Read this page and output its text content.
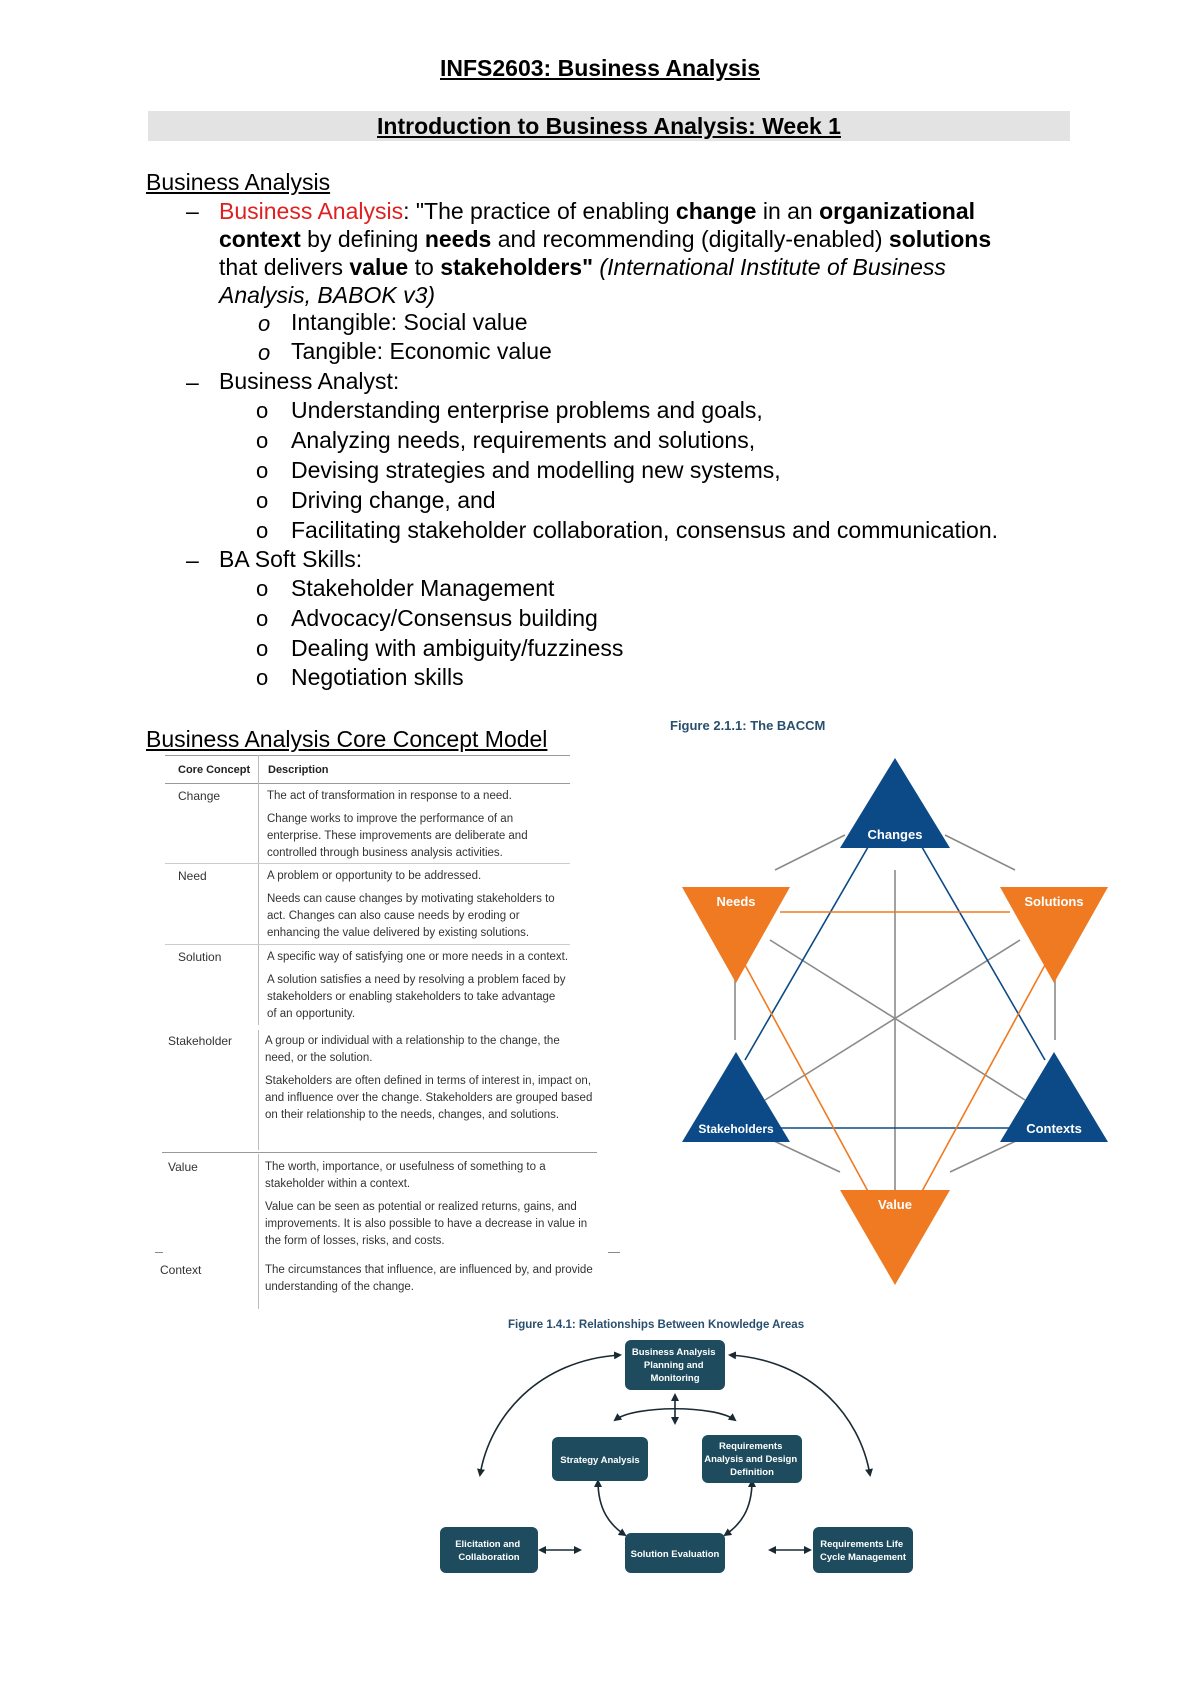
INFS2603: Business Analysis
Introduction to Business Analysis: Week 1
Business Analysis
– Business Analysis: "The practice of enabling change in an organizational
context by defining needs and recommending (digitally-enabled) solutions
that delivers value to stakeholders" (International Institute of Business
Analysis, BABOK v3)
o Intangible: Social value
o Tangible: Economic value
– Business Analyst:
o Understanding enterprise problems and goals,
o Analyzing needs, requirements and solutions,
o Devising strategies and modelling new systems,
o Driving change, and
o Facilitating stakeholder collaboration, consensus and communication.
– BA Soft Skills:
o Stakeholder Management
o Advocacy/Consensus building
o Dealing with ambiguity/fuzziness
o Negotiation skills
Business Analysis Core Concept Model
Core Concept Description
Change	The act of transformation in response to a need.
Change works to improve the performance of an enterprise. These improvements are deliberate and controlled through business analysis activities.
Need	A problem or opportunity to be addressed.
Needs can cause changes by motivating stakeholders to act. Changes can also cause needs by eroding or enhancing the value delivered by existing solutions.
Solution	A specific way of satisfying one or more needs in a context.
A solution satisfies a need by resolving a problem faced by stakeholders or enabling stakeholders to take advantage of an opportunity.
Stakeholder	A group or individual with a relationship to the change, the need, or the solution.
Stakeholders are often defined in terms of interest in, impact on, and influence over the change. Stakeholders are grouped based on their relationship to the needs, changes, and solutions.
Value	The worth, importance, or usefulness of something to a stakeholder within a context.
Value can be seen as potential or realized returns, gains, and improvements. It is also possible to have a decrease in value in the form of losses, risks, and costs.
Context	The circumstances that influence, are influenced by, and provide understanding of the change.
Figure 2.1.1: The BACCM
Changes
Needs	Solutions
Stakeholders	Contexts
Value
Figure 1.4.1: Relationships Between Knowledge Areas
Business Analysis Planning and Monitoring
Strategy Analysis
Requirements Analysis and Design Definition
Elicitation and Collaboration
Requirements Life Cycle Management
Solution Evaluation
